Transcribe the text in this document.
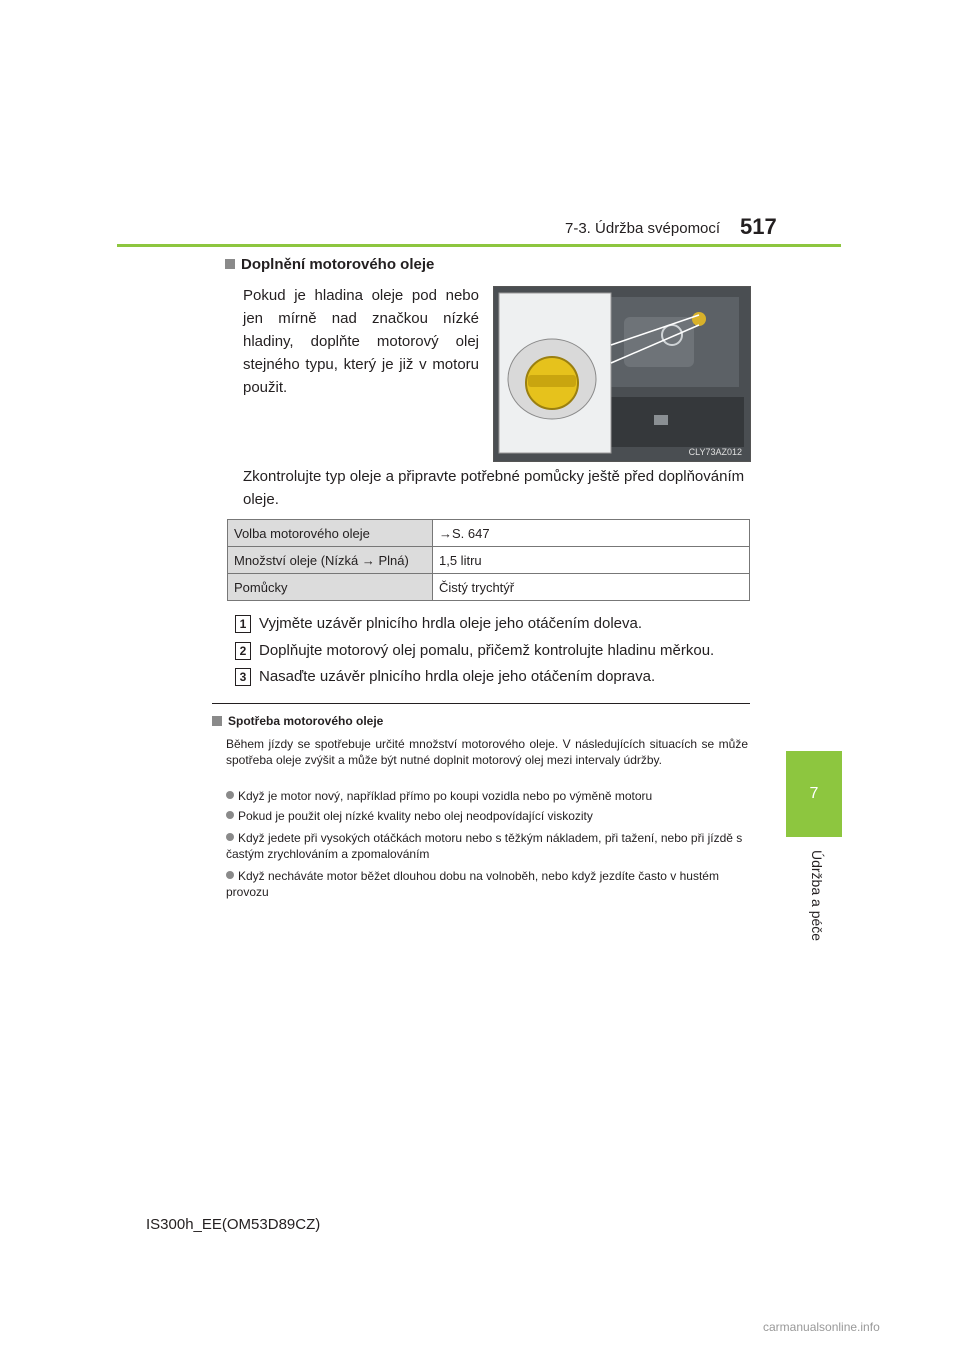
7-3. Údržba svépomocí 517
7
Údržba a péče
Doplnění motorového oleje
Pokud je hladina oleje pod nebo jen mírně nad značkou nízké hladiny, doplňte motorový olej stejného typu, který je již v motoru použit.
CLY73AZ012
Zkontrolujte typ oleje a připravte potřebné pomůcky ještě před doplňováním oleje.
Volba motorového oleje	→S. 647
Množství oleje (Nízká → Plná)	1,5 litru
Pomůcky	Čistý trychtýř
1 Vyjměte uzávěr plnicího hrdla oleje jeho otáčením doleva.
2 Doplňujte motorový olej pomalu, přičemž kontrolujte hladinu měrkou.
3 Nasaďte uzávěr plnicího hrdla oleje jeho otáčením doprava.
Spotřeba motorového oleje
Během jízdy se spotřebuje určité množství motorového oleje. V následujících situacích se může spotřeba oleje zvýšit a může být nutné doplnit motorový olej mezi intervaly údržby.
Když je motor nový, například přímo po koupi vozidla nebo po výměně motoru
Pokud je použit olej nízké kvality nebo olej neodpovídající viskozity
Když jedete při vysokých otáčkách motoru nebo s těžkým nákladem, při tažení, nebo při jízdě s častým zrychlováním a zpomalováním
Když necháváte motor běžet dlouhou dobu na volnoběh, nebo když jezdíte často v hustém provozu
IS300h_EE(OM53D89CZ)
carmanualsonline.info
